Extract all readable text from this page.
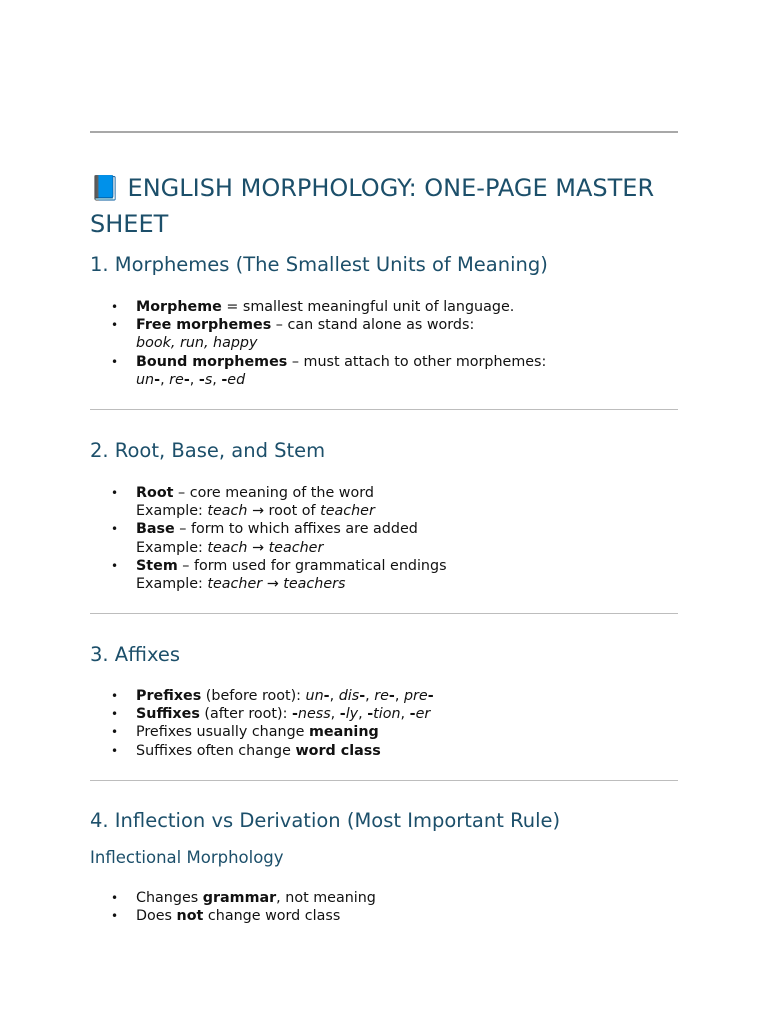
📘 ENGLISH MORPHOLOGY: ONE-PAGE MASTER SHEET
1. Morphemes (The Smallest Units of Meaning)
• Morpheme = smallest meaningful unit of language.
• Free morphemes – can stand alone as words:
book, run, happy
• Bound morphemes – must attach to other morphemes:
un-, re-, -s, -ed
2. Root, Base, and Stem
• Root – core meaning of the word
Example: teach → root of teacher
• Base – form to which affixes are added
Example: teach → teacher
• Stem – form used for grammatical endings
Example: teacher → teachers
3. Affixes
• Prefixes (before root): un-, dis-, re-, pre-
• Suffixes (after root): -ness, -ly, -tion, -er
• Prefixes usually change meaning
• Suffixes often change word class
4. Inflection vs Derivation (Most Important Rule)
Inflectional Morphology
• Changes grammar, not meaning
• Does not change word class
